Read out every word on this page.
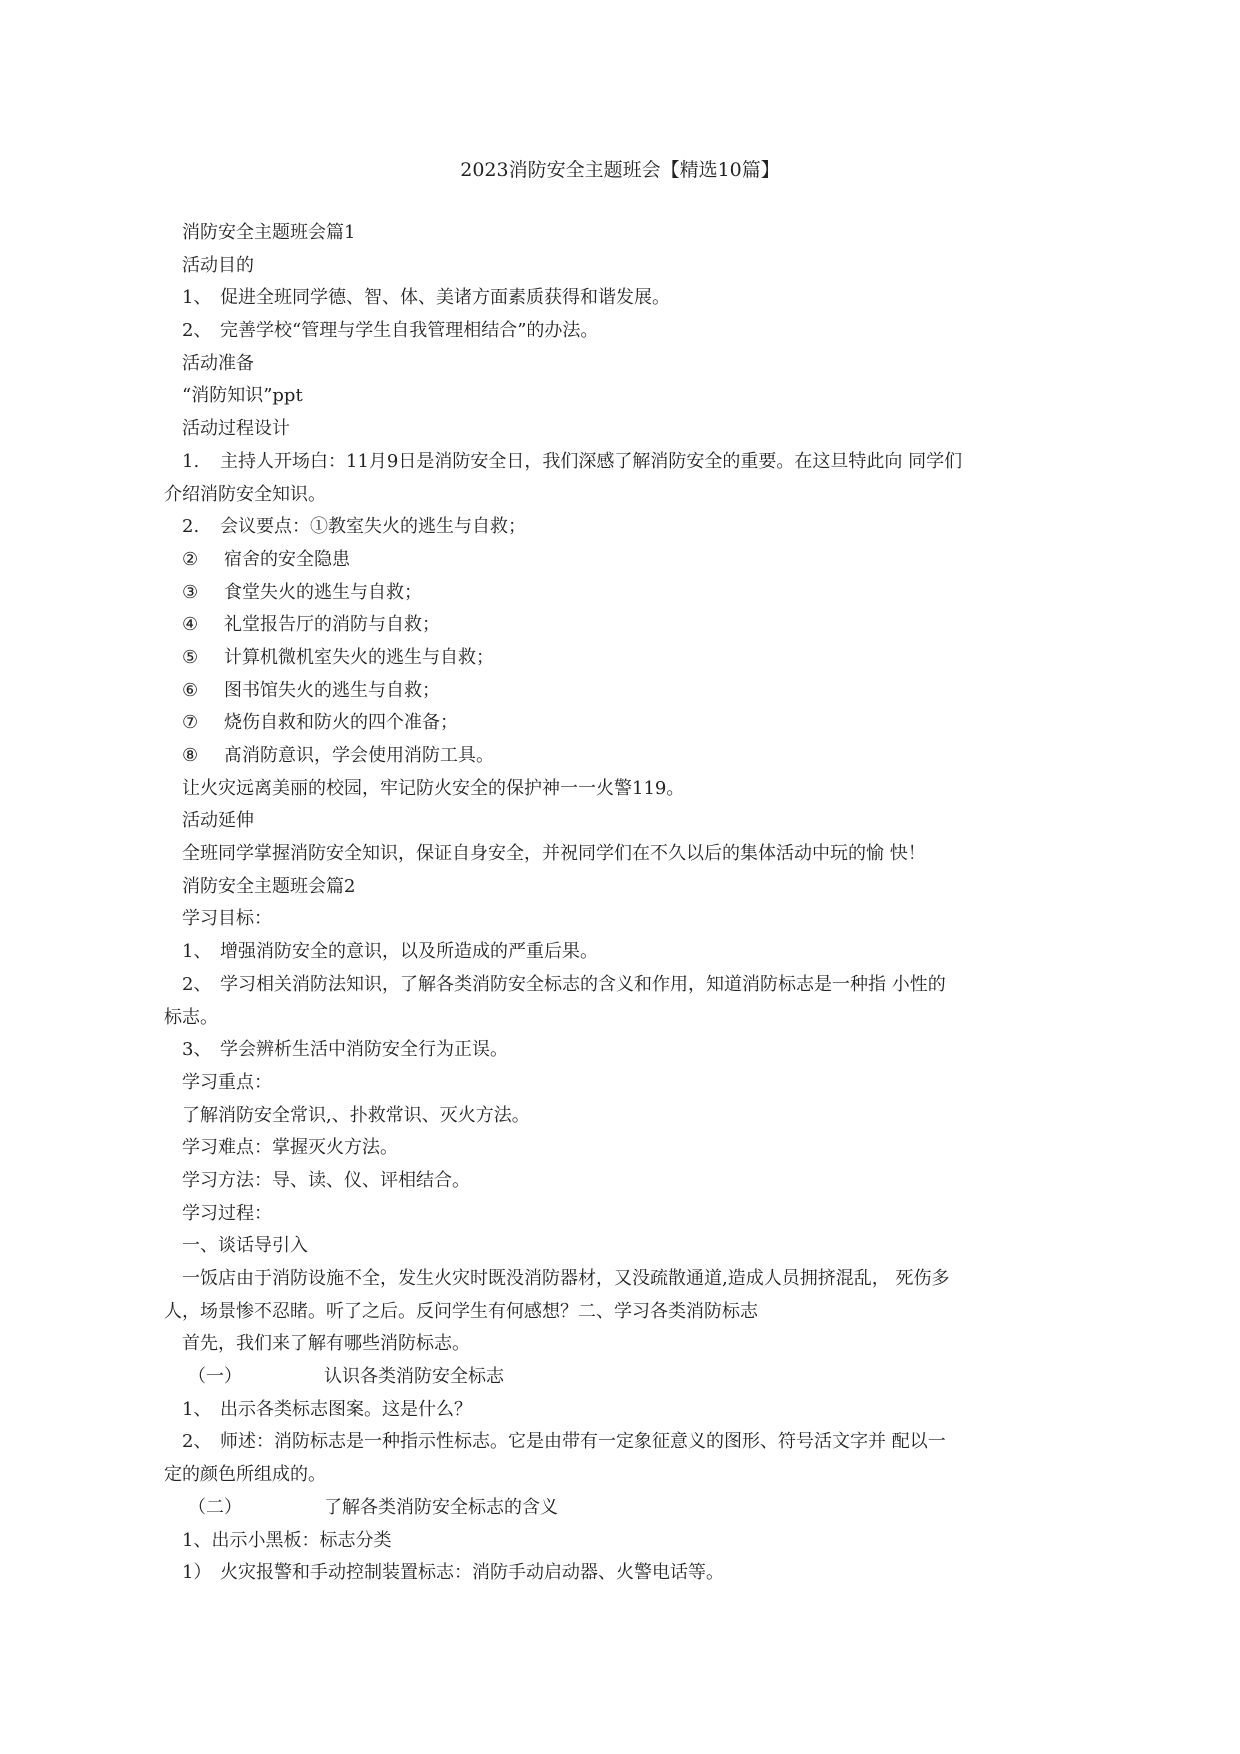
2023消防安全主题班会【精选10篇】
消防安全主题班会篇1
活动目的
1、 促进全班同学德、智、体、美诸方面素质获得和谐发展。
2、 完善学校“管理与学生自我管理相结合”的办法。
活动准备
“消防知识”ppt
活动过程设计
1. 主持人开场白：11月9日是消防安全日，我们深感了解消防安全的重要。在这旦特此向 同学们
介绍消防安全知识。
2. 会议要点：①教室失火的逃生与自救；
② 宿舍的安全隐患
③ 食堂失火的逃生与自救；
④ 礼堂报告厅的消防与自救；
⑤ 计算机微机室失火的逃生与自救；
⑥ 图书馆失火的逃生与自救；
⑦ 烧伤自救和防火的四个准备；
⑧ 髙消防意识，学会使用消防工具。
让火灾远离美丽的校园，牢记防火安全的保护神一一火警119。
活动延伸
全班同学掌握消防安全知识，保证自身安全，并祝同学们在不久以后的集体活动中玩的愉 快！
消防安全主题班会篇2
学习目标：
1、 增强消防安全的意识，以及所造成的严重后果。
2、 学习相关消防法知识，了解各类消防安全标志的含义和作用，知道消防标志是一种指 小性的
标志。
3、 学会辨析生活中消防安全行为正误。
学习重点：
了解消防安全常识,、扑救常识、灭火方法。
学习难点：掌握灭火方法。
学习方法：导、读、仪、评相结合。
学习过程：
一、谈话导引入
一饭店由于消防设施不全，发生火灾时既没消防器材，又没疏散通道,造成人员拥挤混乱， 死伤多
人，场景惨不忍睹。听了之后。反问学生有何感想？二、学习各类消防标志
首先，我们来了解有哪些消防标志。
（一）	认识各类消防安全标志
1、 出示各类标志图案。这是什么？
2、 师述：消防标志是一种指示性标志。它是由带有一定象征意义的图形、符号活文字并 配以一
定的颜色所组成的。
（二）	了解各类消防安全标志的含义
1、出示小黑板：标志分类
1） 火灾报警和手动控制装置标志：消防手动启动器、火警电话等。
